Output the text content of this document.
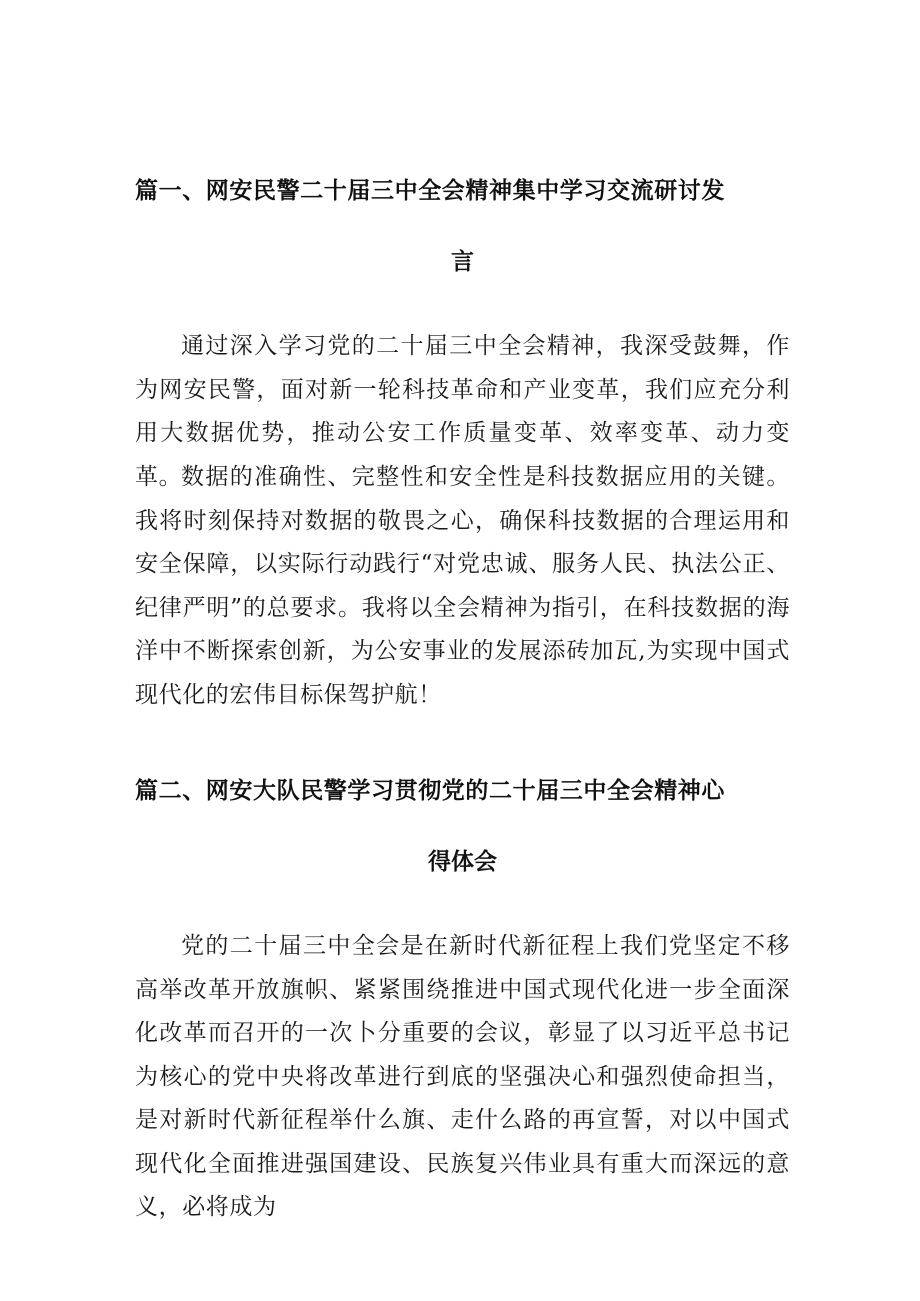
篇一、网安民警二十届三中全会精神集中学习交流研讨发
言

通过深入学习党的二十届三中全会精神，我深受鼓舞，作为网安民警，面对新一轮科技革命和产业变革，我们应充分利用大数据优势，推动公安工作质量变革、效率变革、动力变革。

数据的准确性、完整性和安全性是科技数据应用的关键。我将时刻保持对数据的敬畏之心，确保科技数据的合理运用和安全保障，以实际行动践行“对党忠诚、服务人民、执法公正、纪律严明”的总要求。我将以全会精神为指引，在科技数据的海洋中不断探索创新，为公安事业的发展添砖加瓦,为实现中国式现代化的宏伟目标保驾护航！

篇二、网安大队民警学习贯彻党的二十届三中全会精神心
得体会

党的二十届三中全会是在新时代新征程上我们党坚定不移高举改革开放旗帜、紧紧围绕推进中国式现代化进一步全面深化改革而召开的一次卜分重要的会议，彰显了以习近平总书记为核心的党中央将改革进行到底的坚强决心和强烈使命担当，是对新时代新征程举什么旗、走什么路的再宣誓，对以中国式现代化全面推进强国建设、民族复兴伟业具有重大而深远的意义，必将成为
